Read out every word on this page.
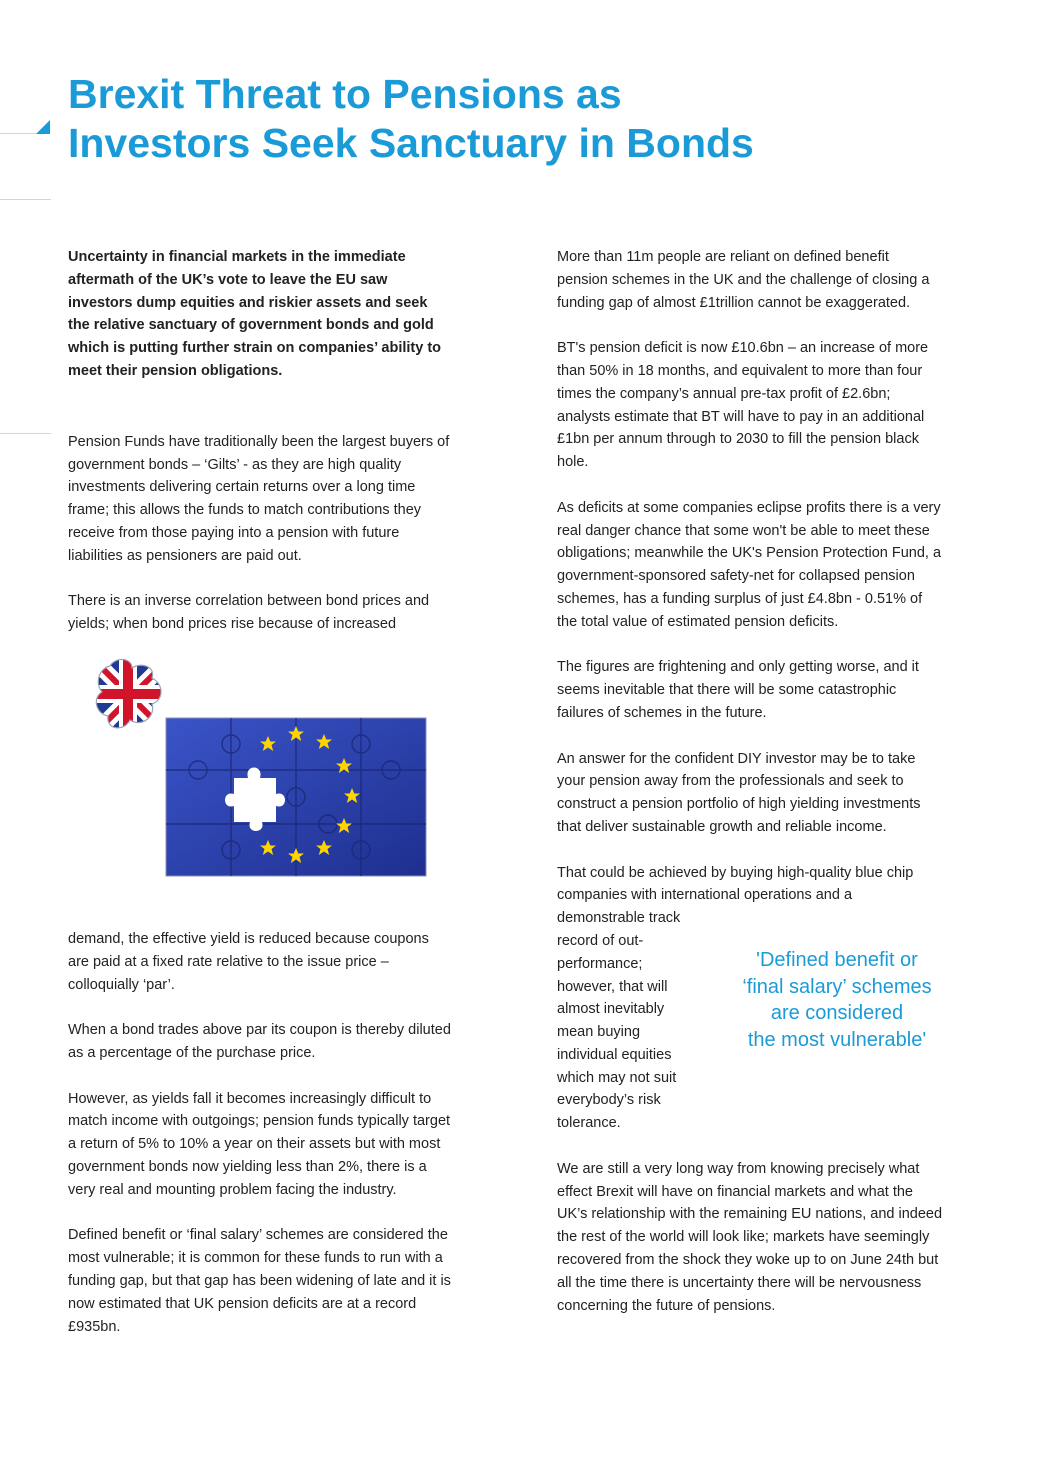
Brexit Threat to Pensions as
Investors Seek Sanctuary in Bonds

Uncertainty in financial markets in the immediate
aftermath of the UK’s vote to leave the EU saw
investors dump equities and riskier assets and seek
the relative sanctuary of government bonds and gold
which is putting further strain on companies’ ability to
meet their pension obligations.

Pension Funds have traditionally been the largest buyers of
government bonds – ‘Gilts’ - as they are high quality
investments delivering certain returns over a long time
frame; this allows the funds to match contributions they
receive from those paying into a pension with future
liabilities as pensioners are paid out.

There is an inverse correlation between bond prices and
yields; when bond prices rise because of increased

demand, the effective yield is reduced because coupons
are paid at a fixed rate relative to the issue price –
colloquially ‘par’.

When a bond trades above par its coupon is thereby diluted
as a percentage of the purchase price.

However, as yields fall it becomes increasingly difficult to
match income with outgoings; pension funds typically target
a return of 5% to 10% a year on their assets but with most
government bonds now yielding less than 2%, there is a
very real and mounting problem facing the industry.

Defined benefit or ‘final salary’ schemes are considered the
most vulnerable; it is common for these funds to run with a
funding gap, but that gap has been widening of late and it is
now estimated that UK pension deficits are at a record
£935bn.

More than 11m people are reliant on defined benefit
pension schemes in the UK and the challenge of closing a
funding gap of almost £1trillion cannot be exaggerated.

BT's pension deficit is now £10.6bn – an increase of more
than 50% in 18 months, and equivalent to more than four
times the company’s annual pre-tax profit of £2.6bn;
analysts estimate that BT will have to pay in an additional
£1bn per annum through to 2030 to fill the pension black
hole.

As deficits at some companies eclipse profits there is a very
real danger chance that some won't be able to meet these
obligations; meanwhile the UK's Pension Protection Fund, a
government-sponsored safety-net for collapsed pension
schemes, has a funding surplus of just £4.8bn - 0.51% of
the total value of estimated pension deficits.

The figures are frightening and only getting worse, and it
seems inevitable that there will be some catastrophic
failures of schemes in the future.

An answer for the confident DIY investor may be to take
your pension away from the professionals and seek to
construct a pension portfolio of high yielding investments
that deliver sustainable growth and reliable income.

That could be achieved by buying high-quality blue chip
companies with international operations and a
demonstrable track
record of out-
performance;
however, that will
almost inevitably
mean buying
individual equities
which may not suit
everybody’s risk
tolerance.

We are still a very long way from knowing precisely what
effect Brexit will have on financial markets and what the
UK’s relationship with the remaining EU nations, and indeed
the rest of the world will look like; markets have seemingly
recovered from the shock they woke up to on June 24th but
all the time there is uncertainty there will be nervousness
concerning the future of pensions.

'Defined benefit or
‘final salary’ schemes
are considered
the most vulnerable'
